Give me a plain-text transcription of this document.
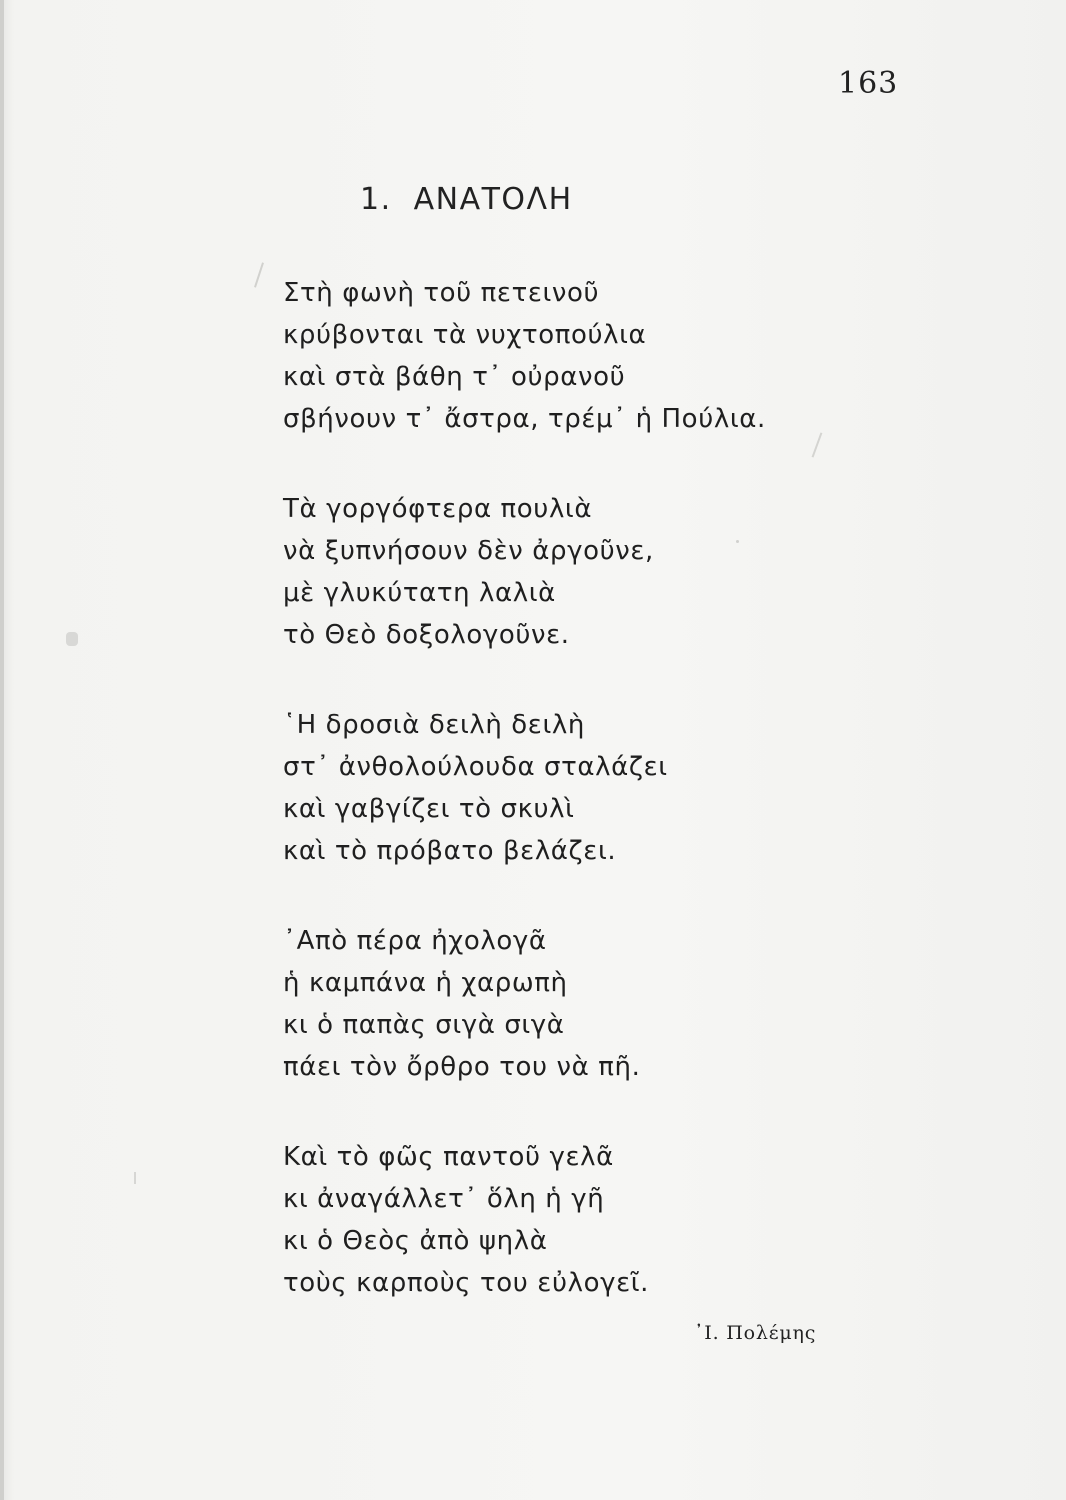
163
1. ΑΝΑΤΟΛΗ
Στὴ φωνὴ τοῦ πετεινοῦ
κρύβονται τὰ νυχτοπούλια
καὶ στὰ βάθη τ᾿ οὐρανοῦ
σβήνουν τ᾿ ἄστρα, τρέμ᾿ ἡ Πούλια.
Τὰ γοργόφτερα πουλιὰ
νὰ ξυπνήσουν δὲν ἀργοῦνε,
μὲ γλυκύτατη λαλιὰ
τὸ Θεὸ δοξολογοῦνε.
῾Η δροσιὰ δειλὴ δειλὴ
στ᾿ ἀνθολούλουδα σταλάζει
καὶ γαβγίζει τὸ σκυλὶ
καὶ τὸ πρόβατο βελάζει.
᾿Απὸ πέρα ἠχολογᾶ
ἡ καμπάνα ἡ χαρωπὴ
κι ὁ παπὰς σιγὰ σιγὰ
πάει τὸν ὄρθρο του νὰ πῆ.
Καὶ τὸ φῶς παντοῦ γελᾶ
κι ἀναγάλλετ᾿ ὅλη ἡ γῆ
κι ὁ Θεὸς ἀπὸ ψηλὰ
τοὺς καρποὺς του εὐλογεῖ.
᾿Ι. Πολέμης
